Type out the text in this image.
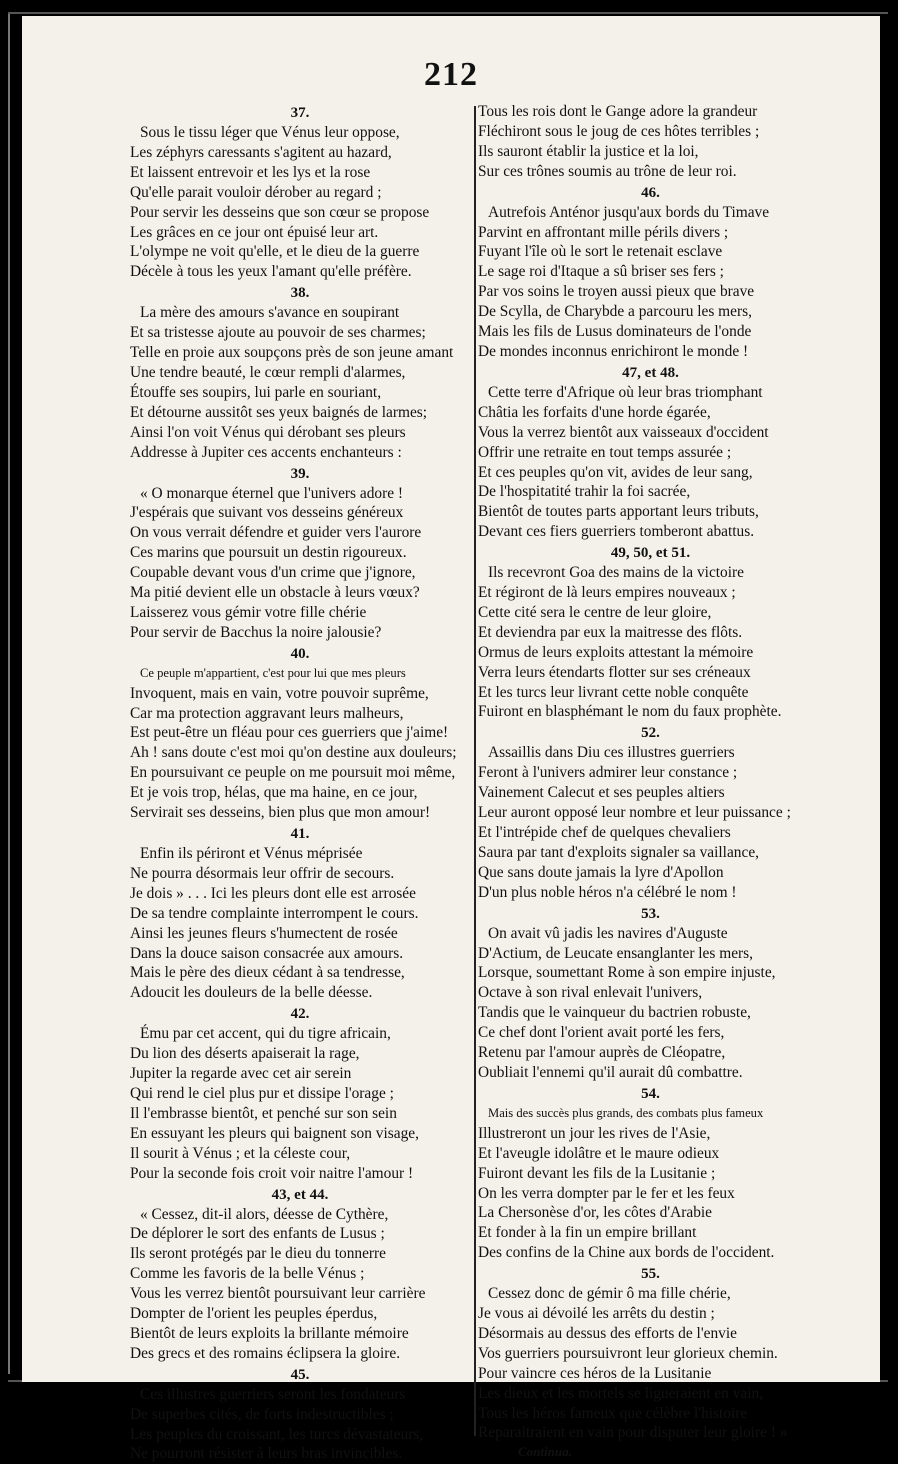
212
37.
Sous le tissu léger que Vénus leur oppose,
Les zéphyrs caressants s'agitent au hazard,
Et laissent entrevoir et les lys et la rose
Qu'elle parait vouloir dérober au regard ;
Pour servir les desseins que son cœur se propose
Les grâces en ce jour ont épuisé leur art.
L'olympe ne voit qu'elle, et le dieu de la guerre
Décèle à tous les yeux l'amant qu'elle préfère.
38.
La mère des amours s'avance en soupirant
Et sa tristesse ajoute au pouvoir de ses charmes;
Telle en proie aux soupçons près de son jeune amant
Une tendre beauté, le cœur rempli d'alarmes,
Étouffe ses soupirs, lui parle en souriant,
Et détourne aussitôt ses yeux baignés de larmes;
Ainsi l'on voit Vénus qui dérobant ses pleurs
Addresse à Jupiter ces accents enchanteurs :
39.
« O monarque éternel que l'univers adore !
J'espérais que suivant vos desseins généreux
On vous verrait défendre et guider vers l'aurore
Ces marins que poursuit un destin rigoureux.
Coupable devant vous d'un crime que j'ignore,
Ma pitié devient elle un obstacle à leurs vœux?
Laisserez vous gémir votre fille chérie
Pour servir de Bacchus la noire jalousie?
40.
Ce peuple m'appartient, c'est pour lui que mes pleurs
Invoquent, mais en vain, votre pouvoir suprême,
Car ma protection aggravant leurs malheurs,
Est peut-être un fléau pour ces guerriers que j'aime!
Ah ! sans doute c'est moi qu'on destine aux douleurs;
En poursuivant ce peuple on me poursuit moi même,
Et je vois trop, hélas, que ma haine, en ce jour,
Servirait ses desseins, bien plus que mon amour!
41.
Enfin ils périront et Vénus méprisée
Ne pourra désormais leur offrir de secours.
Je dois » . . . Ici les pleurs dont elle est arrosée
De sa tendre complainte interrompent le cours.
Ainsi les jeunes fleurs s'humectent de rosée
Dans la douce saison consacrée aux amours.
Mais le père des dieux cédant à sa tendresse,
Adoucit les douleurs de la belle déesse.
42.
Ému par cet accent, qui du tigre africain,
Du lion des déserts apaiserait la rage,
Jupiter la regarde avec cet air serein
Qui rend le ciel plus pur et dissipe l'orage ;
Il l'embrasse bientôt, et penché sur son sein
En essuyant les pleurs qui baignent son visage,
Il sourit à Vénus ; et la céleste cour,
Pour la seconde fois croit voir naitre l'amour !
43, et 44.
« Cessez, dit-il alors, déesse de Cythère,
De déplorer le sort des enfants de Lusus ;
Ils seront protégés par le dieu du tonnerre
Comme les favoris de la belle Vénus ;
Vous les verrez bientôt poursuivant leur carrière
Dompter de l'orient les peuples éperdus,
Bientôt de leurs exploits la brillante mémoire
Des grecs et des romains éclipsera la gloire.
45.
Ces illustres guerriers seront les fondateurs
De superbes cités, de forts indestructibles ;
Les peuples du croissant, les turcs dévastateurs,
Ne pourront résister à leurs bras invincibles.
Tous les rois dont le Gange adore la grandeur
Fléchiront sous le joug de ces hôtes terribles ;
Ils sauront établir la justice et la loi,
Sur ces trônes soumis au trône de leur roi.
46.
Autrefois Anténor jusqu'aux bords du Timave
Parvint en affrontant mille périls divers ;
Fuyant l'île où le sort le retenait esclave
Le sage roi d'Itaque a sû briser ses fers ;
Par vos soins le troyen aussi pieux que brave
De Scylla, de Charybde a parcouru les mers,
Mais les fils de Lusus dominateurs de l'onde
De mondes inconnus enrichiront le monde !
47, et 48.
Cette terre d'Afrique où leur bras triomphant
Châtia les forfaits d'une horde égarée,
Vous la verrez bientôt aux vaisseaux d'occident
Offrir une retraite en tout temps assurée ;
Et ces peuples qu'on vit, avides de leur sang,
De l'hospitatité trahir la foi sacrée,
Bientôt de toutes parts apportant leurs tributs,
Devant ces fiers guerriers tomberont abattus.
49, 50, et 51.
Ils recevront Goa des mains de la victoire
Et régiront de là leurs empires nouveaux ;
Cette cité sera le centre de leur gloire,
Et deviendra par eux la maitresse des flôts.
Ormus de leurs exploits attestant la mémoire
Verra leurs étendarts flotter sur ses créneaux
Et les turcs leur livrant cette noble conquête
Fuiront en blasphémant le nom du faux prophète.
52.
Assaillis dans Diu ces illustres guerriers
Feront à l'univers admirer leur constance ;
Vainement Calecut et ses peuples altiers
Leur auront opposé leur nombre et leur puissance ;
Et l'intrépide chef de quelques chevaliers
Saura par tant d'exploits signaler sa vaillance,
Que sans doute jamais la lyre d'Apollon
D'un plus noble héros n'a célébré le nom !
53.
On avait vû jadis les navires d'Auguste
D'Actium, de Leucate ensanglanter les mers,
Lorsque, soumettant Rome à son empire injuste,
Octave à son rival enlevait l'univers,
Tandis que le vainqueur du bactrien robuste,
Ce chef dont l'orient avait porté les fers,
Retenu par l'amour auprès de Cléopatre,
Oubliait l'ennemi qu'il aurait dû combattre.
54.
Mais des succès plus grands, des combats plus fameux
Illustreront un jour les rives de l'Asie,
Et l'aveugle idolâtre et le maure odieux
Fuiront devant les fils de la Lusitanie ;
On les verra dompter par le fer et les feux
La Chersonèse d'or, les côtes d'Arabie
Et fonder à la fin un empire brillant
Des confins de la Chine aux bords de l'occident.
55.
Cessez donc de gémir ô ma fille chérie,
Je vous ai dévoilé les arrêts du destin ;
Désormais au dessus des efforts de l'envie
Vos guerriers poursuivront leur glorieux chemin.
Pour vaincre ces héros de la Lusitanie
Les dieux et les mortels se ligueraient en vain,
Tous les héros fameux que célèbre l'histoire
Reparaitraient en vain pour disputer leur gloire ! »
Continua.
